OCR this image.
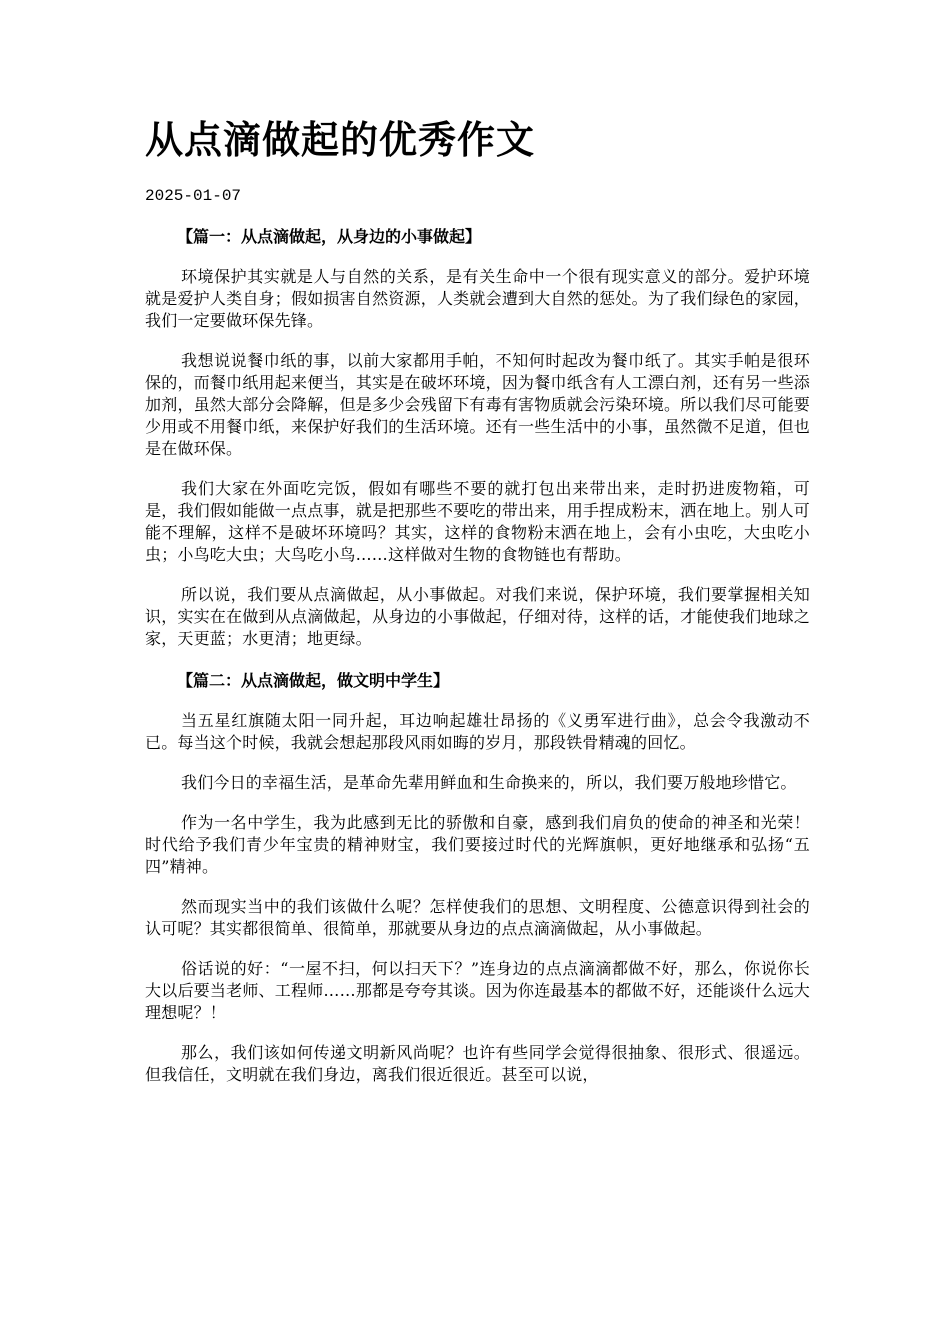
从点滴做起的优秀作文
2025-01-07

【篇一：从点滴做起，从身边的小事做起】

环境保护其实就是人与自然的关系，是有关生命中一个很有现实意义的部分。爱护环境就是爱护人类自身；假如损害自然资源，人类就会遭到大自然的惩处。为了我们绿色的家园，我们一定要做环保先锋。

我想说说餐巾纸的事，以前大家都用手帕，不知何时起改为餐巾纸了。其实手帕是很环保的，而餐巾纸用起来便当，其实是在破坏环境，因为餐巾纸含有人工漂白剂，还有另一些添加剂，虽然大部分会降解，但是多少会残留下有毒有害物质就会污染环境。所以我们尽可能要少用或不用餐巾纸，来保护好我们的生活环境。还有一些生活中的小事，虽然微不足道，但也是在做环保。

我们大家在外面吃完饭，假如有哪些不要的就打包出来带出来，走时扔进废物箱，可是，我们假如能做一点点事，就是把那些不要吃的带出来，用手捏成粉末，洒在地上。别人可能不理解，这样不是破坏环境吗？其实，这样的食物粉末洒在地上，会有小虫吃，大虫吃小虫；小鸟吃大虫；大鸟吃小鸟……这样做对生物的食物链也有帮助。

所以说，我们要从点滴做起，从小事做起。对我们来说，保护环境，我们要掌握相关知识，实实在在做到从点滴做起，从身边的小事做起，仔细对待，这样的话，才能使我们地球之家，天更蓝；水更清；地更绿。

【篇二：从点滴做起，做文明中学生】

当五星红旗随太阳一同升起，耳边响起雄壮昂扬的《义勇军进行曲》，总会令我激动不已。每当这个时候，我就会想起那段风雨如晦的岁月，那段铁骨精魂的回忆。

我们今日的幸福生活，是革命先辈用鲜血和生命换来的，所以，我们要万般地珍惜它。

作为一名中学生，我为此感到无比的骄傲和自豪，感到我们肩负的使命的神圣和光荣！时代给予我们青少年宝贵的精神财宝，我们要接过时代的光辉旗帜，更好地继承和弘扬“五四”精神。

然而现实当中的我们该做什么呢？怎样使我们的思想、文明程度、公德意识得到社会的认可呢？其实都很简单、很简单，那就要从身边的点点滴滴做起，从小事做起。

俗话说的好：“一屋不扫，何以扫天下？”连身边的点点滴滴都做不好，那么，你说你长大以后要当老师、工程师……那都是夸夸其谈。因为你连最基本的都做不好，还能谈什么远大理想呢？！

那么，我们该如何传递文明新风尚呢？也许有些同学会觉得很抽象、很形式、很遥远。但我信任，文明就在我们身边，离我们很近很近。甚至可以说，
